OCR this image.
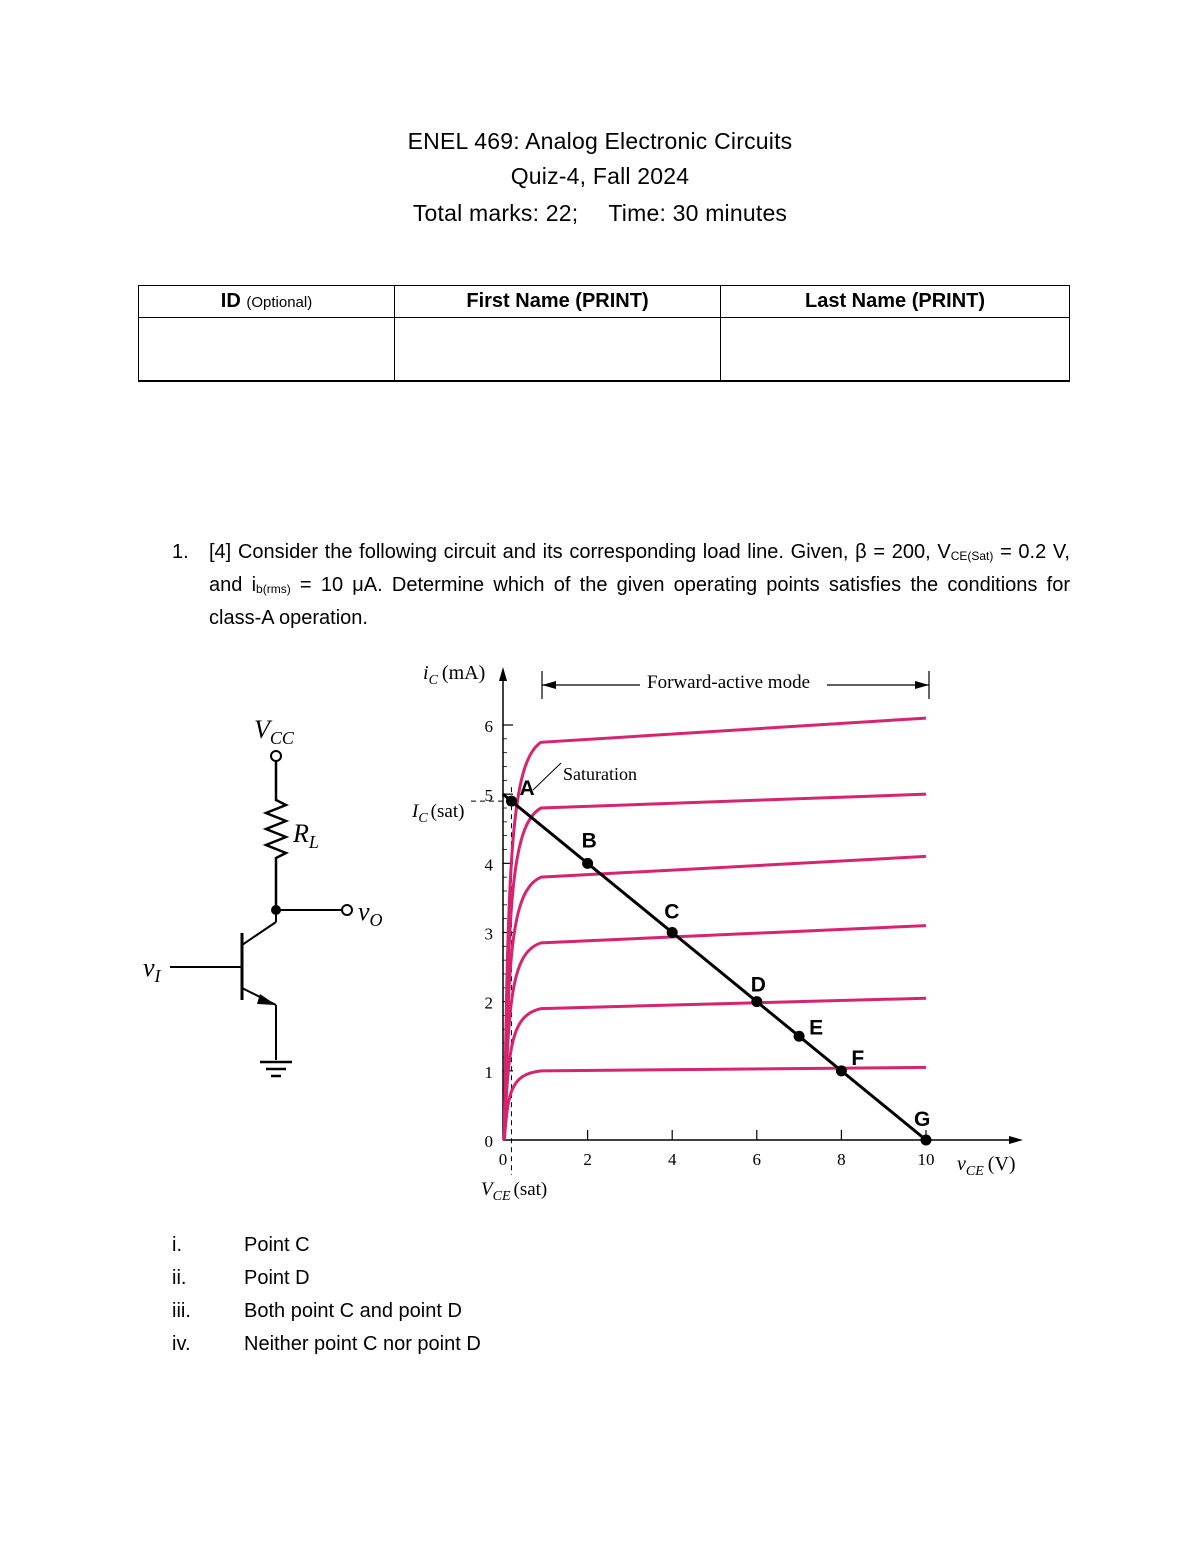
ENEL 469: Analog Electronic Circuits
Quiz-4, Fall 2024
Total marks: 22; Time: 30 minutes
ID (Optional)	First Name (PRINT)	Last Name (PRINT)

1. [4] Consider the following circuit and its corresponding load line. Given, β = 200, $V_{CE(Sat)} = 0.2$ V, and $i_{b(rms)} = 10$ μA. Determine which of the given operating points satisfies the conditions for class-A operation.
$V_{CC}$
$R_L$
$v_O$
$v_I$
0
1
2
3
4
5
6
0	2	4	6	8	10
A
B
C
D
E
F
G
$i_C$ (mA)
$v_{CE}$ (V)
Forward-active mode
Saturation
$I_C$ (sat)
$V_{CE}$ (sat)
i.	Point C
ii.	Point D
iii.	Both point C and point D
iv.	Neither point C nor point D
